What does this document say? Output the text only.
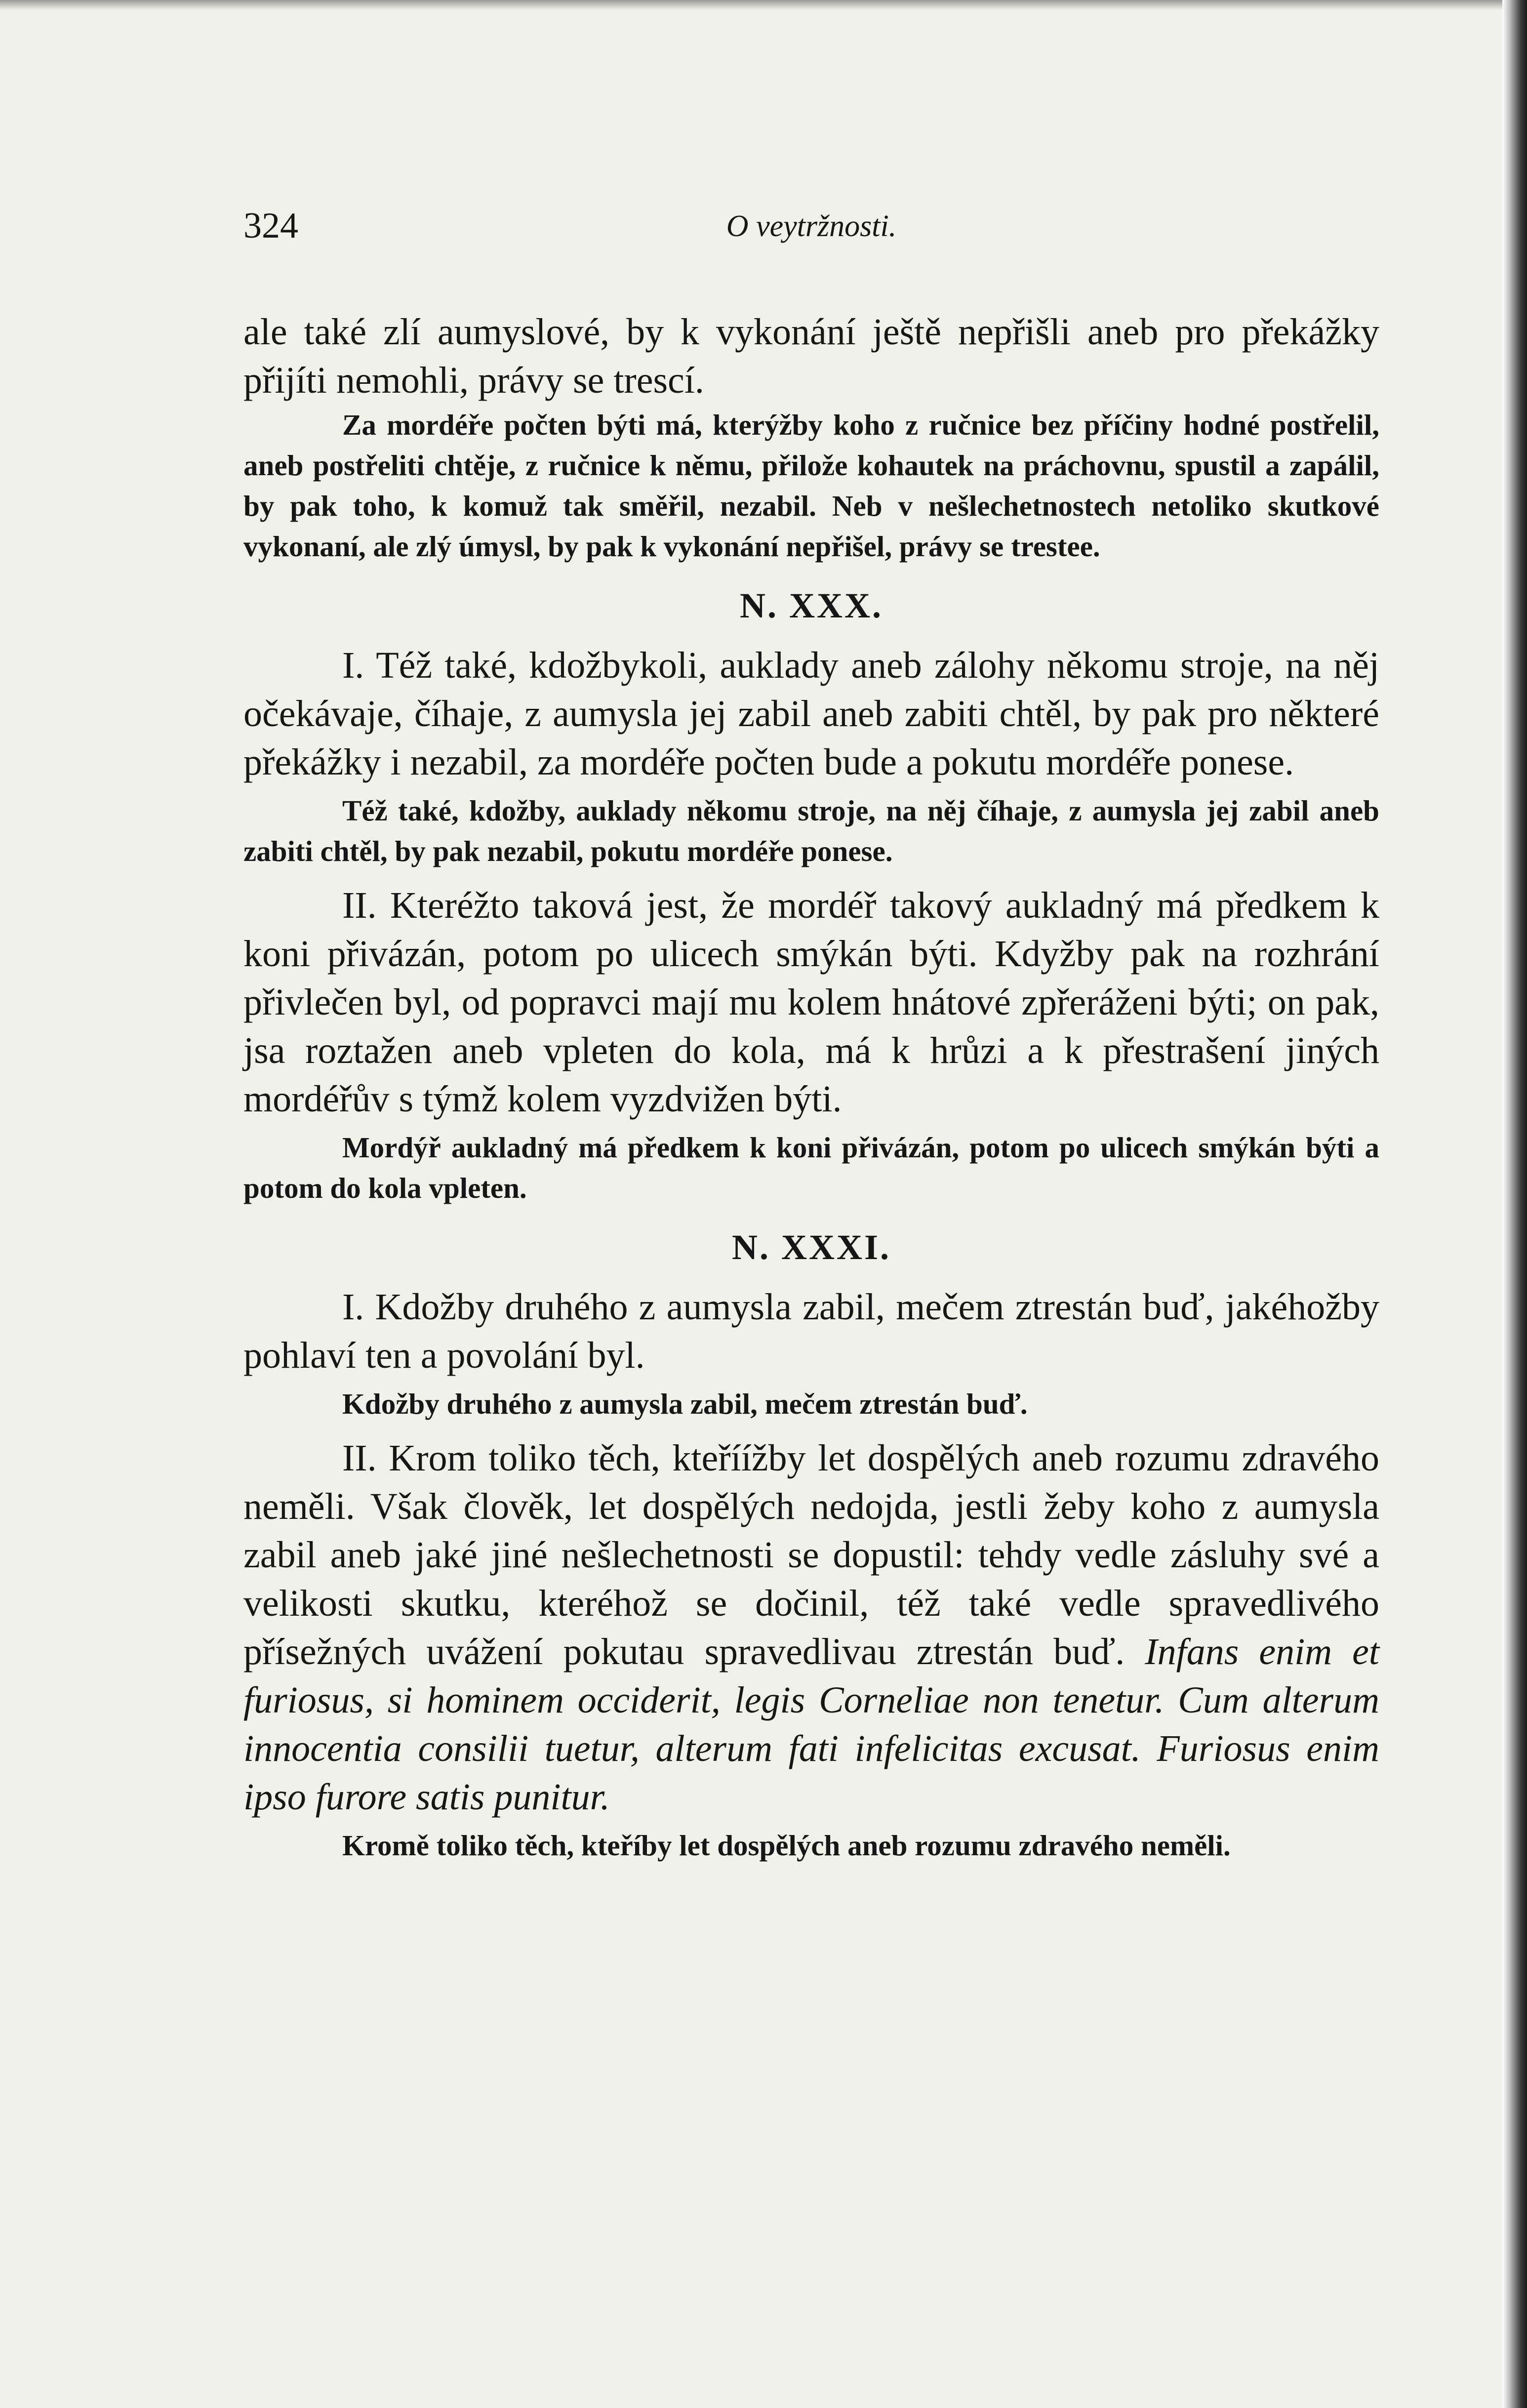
324	O veytržnosti.

ale také zlí aumyslové, by k vykonání ještě nepřišli aneb pro překážky přijíti nemohli, právy se trescí.

Za mordéře počten býti má, kterýžby koho z ručnice bez příčiny hodné postřelil, aneb postřeliti chtěje, z ručnice k němu, přilože kohautek na práchovnu, spustil a zapálil, by pak toho, k komuž tak směřil, nezabil. Neb v nešlechetnostech netoliko skutkové vykonaní, ale zlý úmysl, by pak k vykonání nepřišel, právy se trestee.

N. XXX.

I. Též také, kdožbykoli, auklady aneb zálohy někomu stroje, na něj očekávaje, číhaje, z aumysla jej zabil aneb zabiti chtěl, by pak pro některé překážky i nezabil, za mordéře počten bude a pokutu mordéře ponese.

Též také, kdožby, auklady někomu stroje, na něj číhaje, z aumysla jej zabil aneb zabiti chtěl, by pak nezabil, pokutu mordéře ponese.

II. Kteréžto taková jest, že mordéř takový aukladný má předkem k koni přivázán, potom po ulicech smýkán býti. Kdyžby pak na rozhrání přivlečen byl, od popravci mají mu kolem hnátové zpřeráženi býti; on pak, jsa roztažen aneb vpleten do kola, má k hrůzi a k přestrašení jiných mordéřův s týmž kolem vyzdvižen býti.

Mordýř aukladný má předkem k koni přivázán, potom po ulicech smýkán býti a potom do kola vpleten.

N. XXXI.

I. Kdožby druhého z aumysla zabil, mečem ztrestán buď, jakéhožby pohlaví ten a povolání byl.

Kdožby druhého z aumysla zabil, mečem ztrestán buď.

II. Krom toliko těch, kteříížby let dospělých aneb rozumu zdravého neměli. Však člověk, let dospělých nedojda, jestli žeby koho z aumysla zabil aneb jaké jiné nešlechetnosti se dopustil: tehdy vedle zásluhy své a velikosti skutku, kteréhož se dočinil, též také vedle spravedlivého přísežných uvážení pokutau spravedlivau ztrestán buď. Infans enim et furiosus, si hominem occiderit, legis Corneliae non tenetur. Cum alterum innocentia consilii tuetur, alterum fati infelicitas excusat. Furiosus enim ipso furore satis punitur.

Kromě toliko těch, kteříby let dospělých aneb rozumu zdravého neměli.
